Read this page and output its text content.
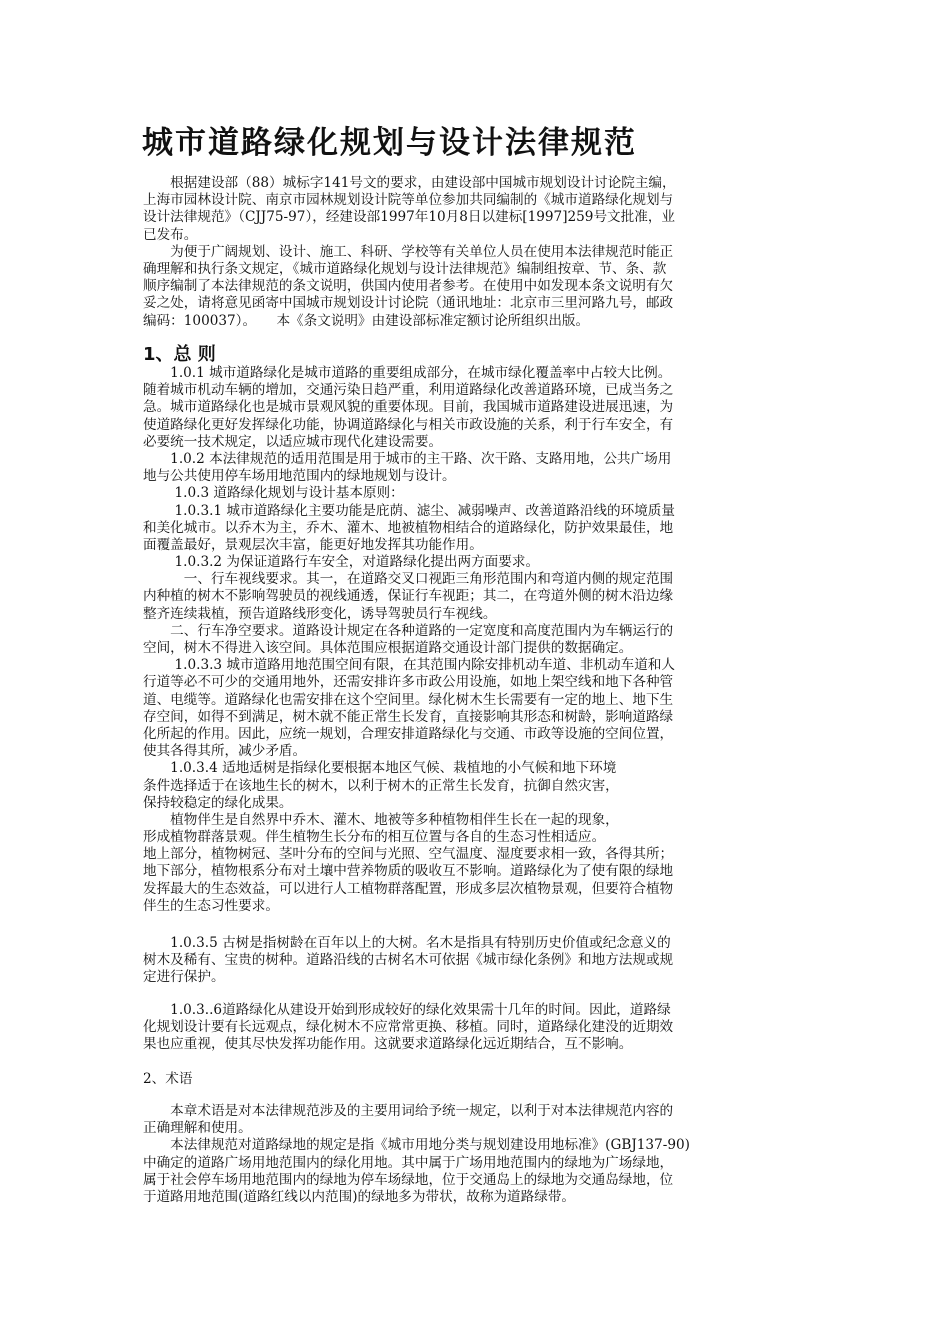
城市道路绿化规划与设计法律规范
　　根据建设部（88）城标字141号文的要求，由建设部中国城市规划设计讨论院主编，
上海市园林设计院、南京市园林规划设计院等单位参加共同编制的《城市道路绿化规划与
设计法律规范》（CJJ75-97），经建设部1997年10月8日以建标[1997]259号文批准，业
已发布。
　　为便于广阔规划、设计、施工、科研、学校等有关单位人员在使用本法律规范时能正
确理解和执行条文规定，《城市道路绿化规划与设计法律规范》编制组按章、节、条、款
顺序编制了本法律规范的条文说明，供国内使用者参考。在使用中如发现本条文说明有欠
妥之处，请将意见函寄中国城市规划设计讨论院（通讯地址：北京市三里河路九号，邮政
编码：100037）。　　本《条文说明》由建设部标准定额讨论所组织出版。
1、总 则
　　1.0.1 城市道路绿化是城市道路的重要组成部分，在城市绿化覆盖率中占较大比例。
随着城市机动车辆的增加，交通污染日趋严重，利用道路绿化改善道路环境，已成当务之
急。城市道路绿化也是城市景观风貌的重要体现。目前，我国城市道路建设进展迅速，为
使道路绿化更好发挥绿化功能，协调道路绿化与相关市政设施的关系，利于行车安全，有
必要统一技术规定，以适应城市现代化建设需要。
　　1.0.2 本法律规范的适用范围是用于城市的主干路、次干路、支路用地，公共广场用
地与公共使用停车场用地范围内的绿地规划与设计。
　　 1.0.3 道路绿化规划与设计基本原则：
　　 1.0.3.1 城市道路绿化主要功能是庇荫、滤尘、减弱噪声、改善道路沿线的环境质量
和美化城市。以乔木为主，乔木、灌木、地被植物相结合的道路绿化，防护效果最佳，地
面覆盖最好，景观层次丰富，能更好地发挥其功能作用。
　　 1.0.3.2 为保证道路行车安全，对道路绿化提出两方面要求。
　　　一、行车视线要求。其一，在道路交叉口视距三角形范围内和弯道内侧的规定范围
内种植的树木不影响驾驶员的视线通透，保证行车视距；其二，在弯道外侧的树木沿边缘
整齐连续栽植，预告道路线形变化，诱导驾驶员行车视线。
　　二、行车净空要求。道路设计规定在各种道路的一定宽度和高度范围内为车辆运行的
空间，树木不得进入该空间。具体范围应根据道路交通设计部门提供的数据确定。
　　 1.0.3.3 城市道路用地范围空间有限，在其范围内除安排机动车道、非机动车道和人
行道等必不可少的交通用地外，还需安排许多市政公用设施，如地上架空线和地下各种管
道、电缆等。道路绿化也需安排在这个空间里。绿化树木生长需要有一定的地上、地下生
存空间，如得不到满足，树木就不能正常生长发育，直接影响其形态和树龄，影响道路绿
化所起的作用。因此，应统一规划，合理安排道路绿化与交通、市政等设施的空间位置，
使其各得其所，减少矛盾。
　　1.0.3.4 适地适树是指绿化要根据本地区气候、栽植地的小气候和地下环境
条件选择适于在该地生长的树木，以利于树木的正常生长发育，抗御自然灾害，
保持较稳定的绿化成果。
　　植物伴生是自然界中乔木、灌木、地被等多种植物相伴生长在一起的现象，
形成植物群落景观。伴生植物生长分布的相互位置与各自的生态习性相适应。
地上部分，植物树冠、茎叶分布的空间与光照、空气温度、湿度要求相一致，各得其所；
地下部分，植物根系分布对土壤中营养物质的吸收互不影响。道路绿化为了使有限的绿地
发挥最大的生态效益，可以进行人工植物群落配置，形成多层次植物景观，但要符合植物
伴生的生态习性要求。
　　1.0.3.5 古树是指树龄在百年以上的大树。名木是指具有特别历史价值或纪念意义的
树木及稀有、宝贵的树种。道路沿线的古树名木可依据《城市绿化条例》和地方法规或规
定进行保护。
　　1.0.3..6道路绿化从建设开始到形成较好的绿化效果需十几年的时间。因此，道路绿
化规划设计要有长远观点，绿化树木不应常常更换、移植。同时，道路绿化建没的近期效
果也应重视，使其尽快发挥功能作用。这就要求道路绿化远近期结合，互不影响。
2、术语
　　本章术语是对本法律规范涉及的主要用词给予统一规定，以利于对本法律规范内容的
正确理解和使用。
　　本法律规范对道路绿地的规定是指《城市用地分类与规划建设用地标准》(GBJ137-90)
中确定的道路广场用地范围内的绿化用地。其中属于广场用地范围内的绿地为广场绿地，
属于社会停车场用地范围内的绿地为停车场绿地，位于交通岛上的绿地为交通岛绿地，位
于道路用地范围(道路红线以内范围)的绿地多为带状，故称为道路绿带。
